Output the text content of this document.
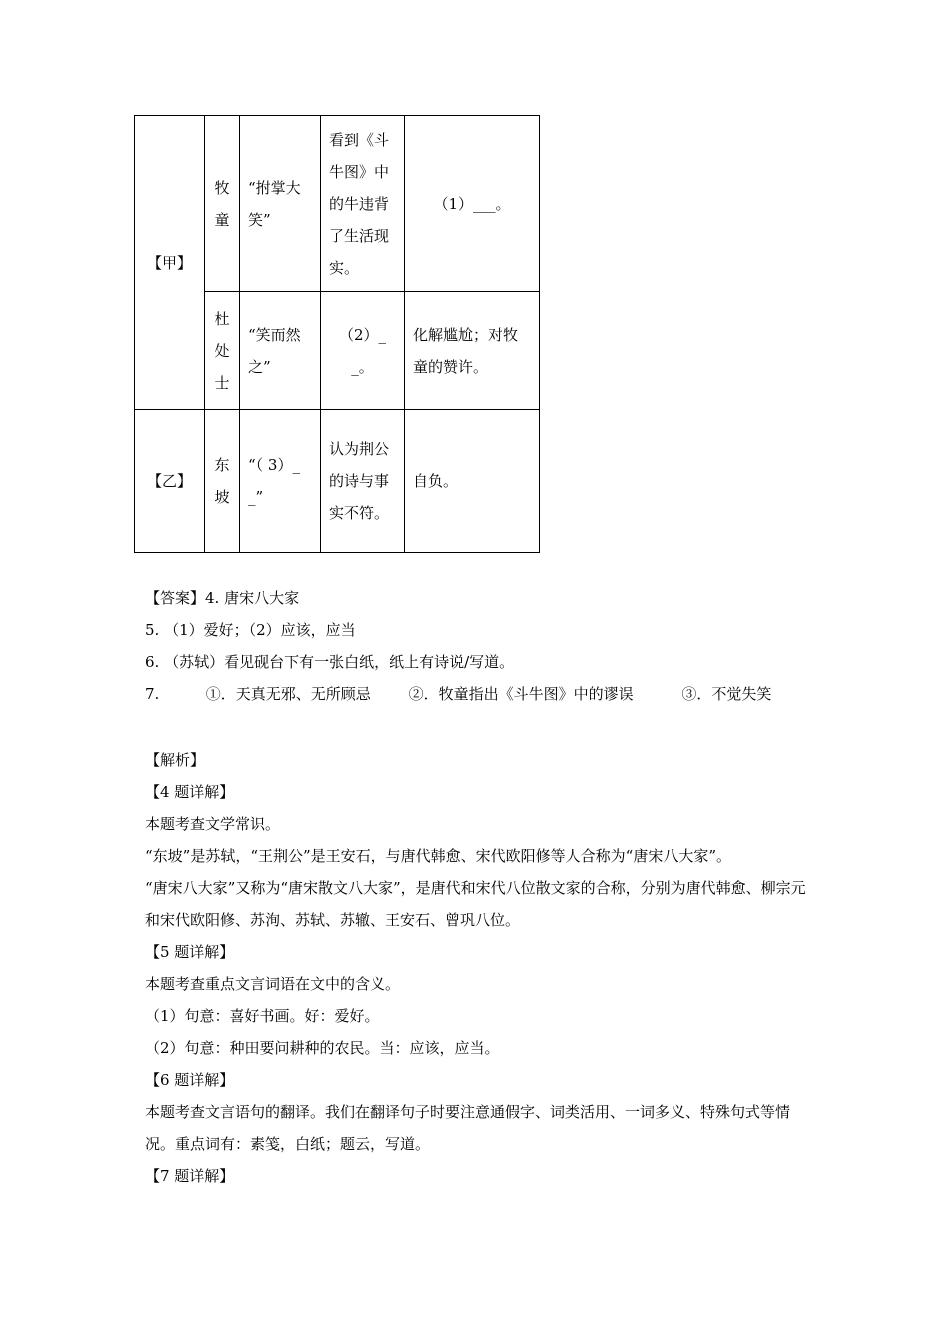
【甲】	牧童	“拊掌大笑”	看到《斗牛图》中的牛违背了生活现实。	（1）___。
	杜处士	“笑而然之”	（2）__。	化解尴尬；对牧童的赞许。
【乙】	东坡	“（ 3）__”	认为荆公的诗与事实不符。	自负。
【答案】4. 唐宋八大家
5. （1）爱好；（2）应该，应当
6. （苏轼）看见砚台下有一张白纸，纸上有诗说/写道。
7.	①．天真无邪、无所顾忌	②．牧童指出《斗牛图》中的谬误	③．不觉失笑
【解析】
【4 题详解】
本题考查文学常识。
“东坡”是苏轼，“王荆公”是王安石，与唐代韩愈、宋代欧阳修等人合称为“唐宋八大家”。
“唐宋八大家”又称为“唐宋散文八大家”，是唐代和宋代八位散文家的合称，分别为唐代韩愈、柳宗元和宋代欧阳修、苏洵、苏轼、苏辙、王安石、曾巩八位。
【5 题详解】
本题考查重点文言词语在文中的含义。
（1）句意：喜好书画。好：爱好。
（2）句意：种田要问耕种的农民。当：应该，应当。
【6 题详解】
本题考查文言语句的翻译。我们在翻译句子时要注意通假字、词类活用、一词多义、特殊句式等情况。重点词有：素笺，白纸；题云，写道。
【7 题详解】
